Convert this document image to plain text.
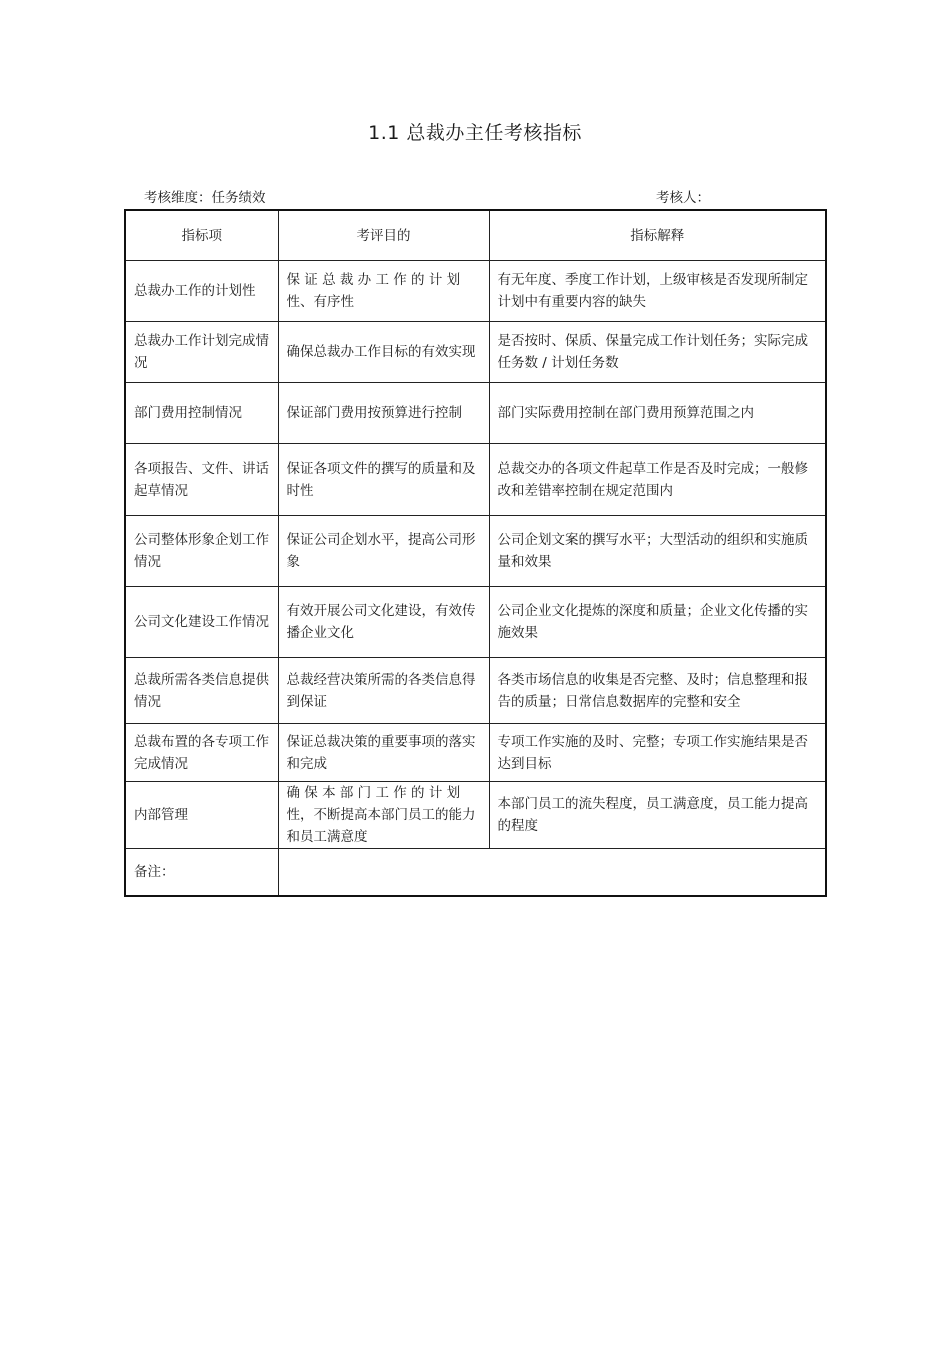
1.1 总裁办主任考核指标
考核维度：任务绩效	考核人：
指标项	考评目的	指标解释
总裁办工作的计划性	保 证 总 裁 办 工 作 的 计 划性、有序性	有无年度、季度工作计划，上级审核是否发现所制定计划中有重要内容的缺失
总裁办工作计划完成情况	确保总裁办工作目标的有效实现	是否按时、保质、保量完成工作计划任务；实际完成任务数 / 计划任务数
部门费用控制情况	保证部门费用按预算进行控制	部门实际费用控制在部门费用预算范围之内
各项报告、文件、讲话起草情况	保证各项文件的撰写的质量和及时性	总裁交办的各项文件起草工作是否及时完成；一般修改和差错率控制在规定范围内
公司整体形象企划工作情况	保证公司企划水平，提高公司形象	公司企划文案的撰写水平；大型活动的组织和实施质量和效果
公司文化建设工作情况	有效开展公司文化建设，有效传播企业文化	公司企业文化提炼的深度和质量；企业文化传播的实施效果
总裁所需各类信息提供情况	总裁经营决策所需的各类信息得到保证	各类市场信息的收集是否完整、及时；信息整理和报告的质量；日常信息数据库的完整和安全
总裁布置的各专项工作完成情况	保证总裁决策的重要事项的落实和完成	专项工作实施的及时、完整；专项工作实施结果是否达到目标
内部管理	确 保 本 部 门 工 作 的 计 划性，不断提高本部门员工的能力和员工满意度	本部门员工的流失程度，员工满意度，员工能力提高的程度
备注：		
